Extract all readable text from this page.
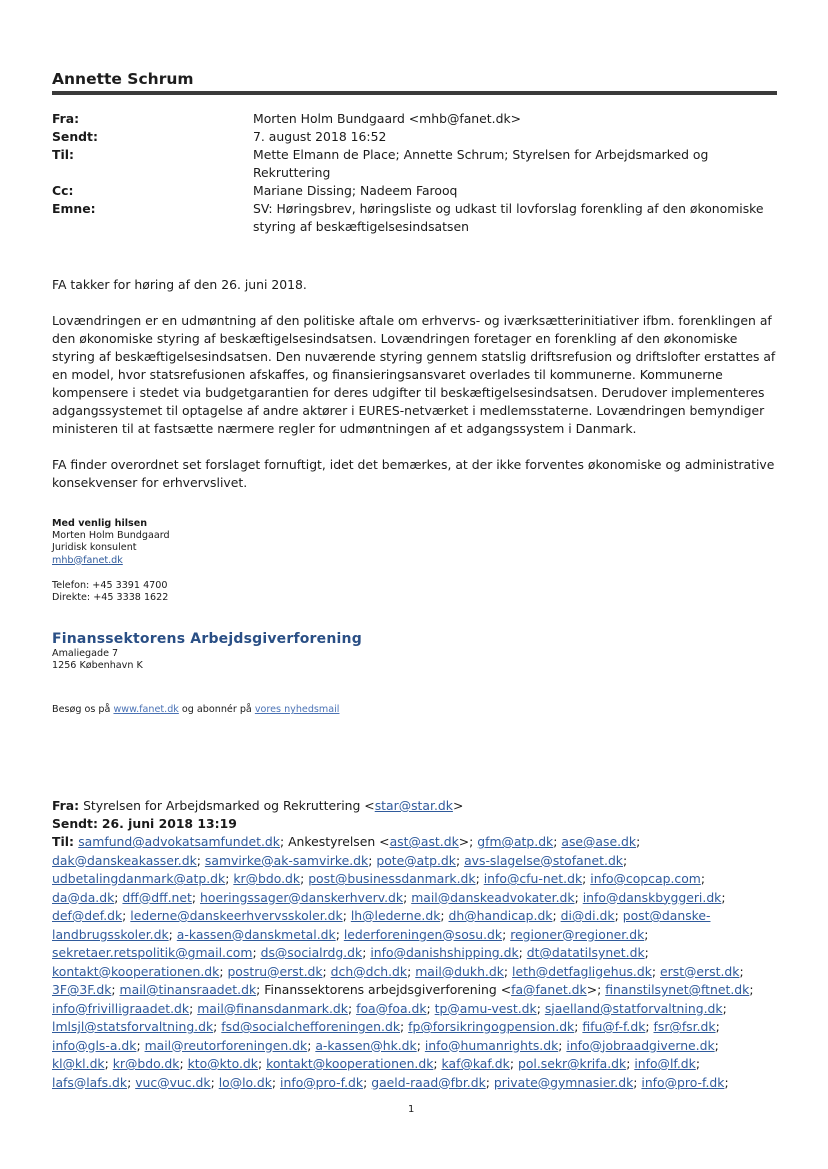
Annette Schrum
Fra:	Morten Holm Bundgaard <mhb@fanet.dk>
Sendt:	7. august 2018 16:52
Til:	Mette Elmann de Place; Annette Schrum; Styrelsen for Arbejdsmarked og
Rekruttering
Cc:	Mariane Dissing; Nadeem Farooq
Emne:	SV: Høringsbrev, høringsliste og udkast til lovforslag forenkling af den økonomiske
styring af beskæftigelsesindsatsen

FA takker for høring af den 26. juni 2018.

Lovændringen er en udmøntning af den politiske aftale om erhvervs- og iværksætterinitiativer ifbm. forenklingen af
den økonomiske styring af beskæftigelsesindsatsen. Lovændringen foretager en forenkling af den økonomiske
styring af beskæftigelsesindsatsen. Den nuværende styring gennem statslig driftsrefusion og driftslofter erstattes af
en model, hvor statsrefusionen afskaffes, og finansieringsansvaret overlades til kommunerne. Kommunerne
kompensere i stedet via budgetgarantien for deres udgifter til beskæftigelsesindsatsen. Derudover implementeres
adgangssystemet til optagelse af andre aktører i EURES-netværket i medlemsstaterne. Lovændringen bemyndiger
ministeren til at fastsætte nærmere regler for udmøntningen af et adgangssystem i Danmark.

FA finder overordnet set forslaget fornuftigt, idet det bemærkes, at der ikke forventes økonomiske og administrative
konsekvenser for erhvervslivet.

Med venlig hilsen
Morten Holm Bundgaard
Juridisk konsulent
mhb@fanet.dk
Telefon: +45 3391 4700
Direkte: +45 3338 1622
Finanssektorens Arbejdsgiverforening
Amaliegade 7
1256 København K
Besøg os på www.fanet.dk og abonnér på vores nyhedsmail
Fra: Styrelsen for Arbejdsmarked og Rekruttering <star@star.dk>
Sendt: 26. juni 2018 13:19
Til: samfund@advokatsamfundet.dk; Ankestyrelsen <ast@ast.dk>; gfm@atp.dk; ase@ase.dk;
dak@danskeakasser.dk; samvirke@ak-samvirke.dk; pote@atp.dk; avs-slagelse@stofanet.dk;
udbetalingdanmark@atp.dk; kr@bdo.dk; post@businessdanmark.dk; info@cfu-net.dk; info@copcap.com;
da@da.dk; dff@dff.net; hoeringssager@danskerhverv.dk; mail@danskeadvokater.dk; info@danskbyggeri.dk;
def@def.dk; lederne@danskeerhvervsskoler.dk; lh@lederne.dk; dh@handicap.dk; di@di.dk; post@danske-
landbrugsskoler.dk; a-kassen@danskmetal.dk; lederforeningen@sosu.dk; regioner@regioner.dk;
sekretaer.retspolitik@gmail.com; ds@socialrdg.dk; info@danishshipping.dk; dt@datatilsynet.dk;
kontakt@kooperationen.dk; postru@erst.dk; dch@dch.dk; mail@dukh.dk; leth@detfagligehus.dk; erst@erst.dk;
3F@3F.dk; mail@tinansraadet.dk; Finanssektorens arbejdsgiverforening <fa@fanet.dk>; finanstilsynet@ftnet.dk;
info@frivilligraadet.dk; mail@finansdanmark.dk; foa@foa.dk; tp@amu-vest.dk; sjaelland@statforvaltning.dk;
lmlsjl@statsforvaltning.dk; fsd@socialchefforeningen.dk; fp@forsikringogpension.dk; fifu@f-f.dk; fsr@fsr.dk;
info@gls-a.dk; mail@reutorforeningen.dk; a-kassen@hk.dk; info@humanrights.dk; info@jobraadgiverne.dk;
kl@kl.dk; kr@bdo.dk; kto@kto.dk; kontakt@kooperationen.dk; kaf@kaf.dk; pol.sekr@krifa.dk; info@lf.dk;
lafs@lafs.dk; vuc@vuc.dk; lo@lo.dk; info@pro-f.dk; gaeld-raad@fbr.dk; private@gymnasier.dk; info@pro-f.dk;
1
